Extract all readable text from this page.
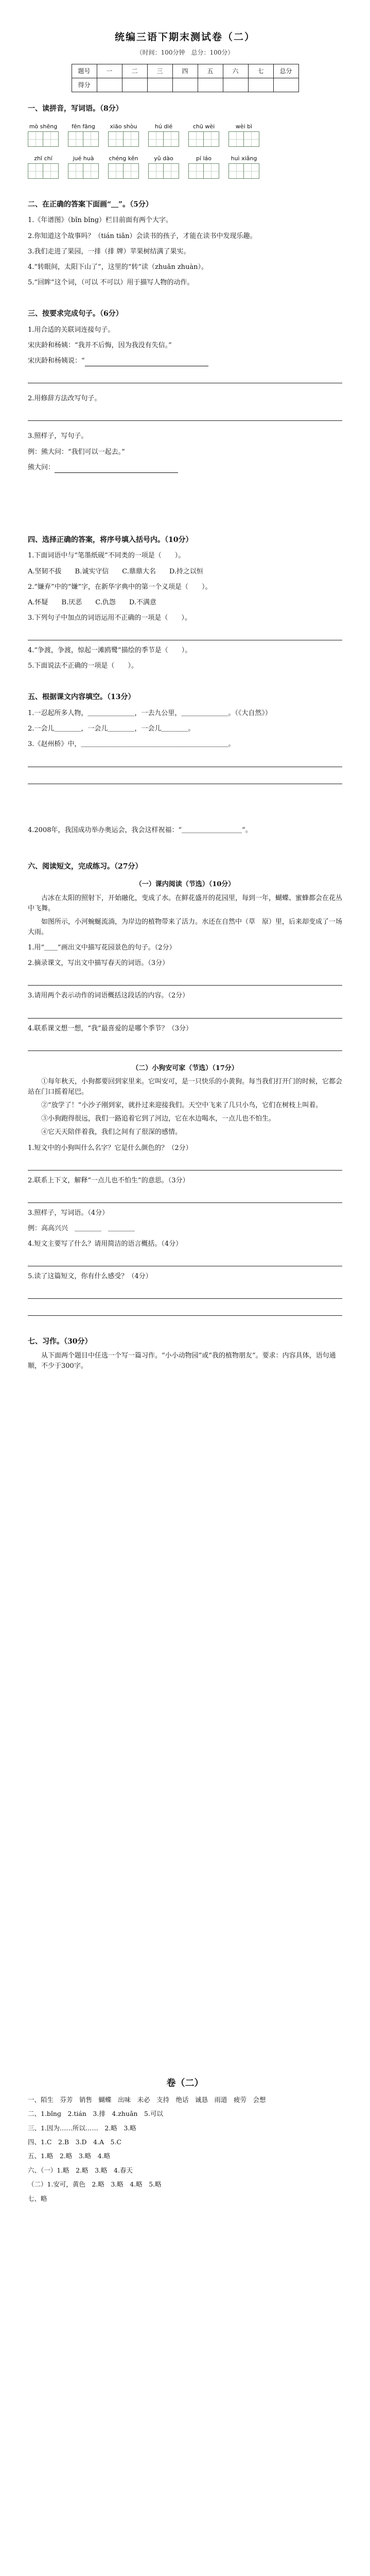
统编三语下期末测试卷（二）
（时间：100分钟　总分：100分）
题号	一	二	三	四	五	六	七	总分
得分								
一、读拼音，写词语。（8分）
mò shēng	fēn fāng	xiāo shòu	hú dié	chū wèi	wèi bì
zhī chí	jué huà	chéng kěn	yǔ dào	pí láo	huì xiǎng
二、在正确的答案下面画“＿”。（5分）
1.《年谱图》（bǐn bǐnɡ）栏目前面有两个大字。
2.你知道这个故事吗？（tián tiǎn）会读书的孩子，才能在读书中发现乐趣。
3.我们走进了果园，一排（排 牌）苹果树结满了果实。
4.“转眼间，太阳下山了”，这里的“转”读（zhuǎn zhuàn）。
5.“回眸”这个词，（可以 不可以）用于描写人物的动作。
三、按要求完成句子。（6分）
1.用合适的关联词连接句子。
宋庆龄和杨姨：“我并不后悔，因为我没有失信。”
宋庆龄和杨姨说：“
2.用修辞方法改写句子。
3.照样子，写句子。
例：熊大问：“我们可以一起去。”
熊大问：
四、选择正确的答案，将序号填入括号内。（10分）
1.下面词语中与“笔墨纸砚”不同类的一项是（　　）。
A.坚韧不拔　　B.诚实守信　　C.鼎鼎大名　　D.持之以恒
2.“嫌弃”中的“嫌”字，在新华字典中的第一个义项是（　　）。
A.怀疑　　B.厌恶　　C.仇怨　　D.不满意
3.下列句子中加点的词语运用不正确的一项是（　　）。
4.“争渡，争渡，惊起一滩鸥鹭”描绘的季节是（　　）。
5.下面说法不正确的一项是（　　）。
五、根据课文内容填空。（13分）
1.一忍起所多人物，＿＿＿＿＿＿＿，一去九公里，＿＿＿＿＿＿＿。（《大自然》）
2.一会儿＿＿＿＿，一会儿＿＿＿＿，一会儿＿＿＿＿。
3.《赵州桥》中，＿＿＿＿＿＿＿＿＿＿＿＿＿＿＿＿＿＿＿＿＿＿。
4.2008年，我国成功举办奥运会，我会这样祝福：“＿＿＿＿＿＿＿＿＿”。
六、阅读短文，完成练习。（27分）
（一）课内阅读（节选）（10分）
古冰在太阳的照射下，开始融化，变成了水。在鲜花盛开的花园里，每到一年，蝴蝶、蜜蜂都会在花丛中飞舞。
如图所示，小河蜿蜒流淌，为岸边的植物带来了活力。水还在自然中（草　原）里，后来却变成了一场大雨。
1.用“＿＿”画出文中描写花园景色的句子。（2分）
2.摘录课文，写出文中描写春天的词语。（3分）
3.请用两个表示动作的词语概括这段话的内容。（2分）
4.联系课文想一想，“我”最喜爱的是哪个季节？（3分）
（二）小狗安可家（节选）（17分）
①每年秋天，小狗都要回到家里来。它叫安可，是一只快乐的小黄狗。每当我们打开门的时候，它都会站在门口摇着尾巴。
②“放学了！”小沙子刚到家，就扑过来迎接我们。天空中飞来了几只小鸟，它们在树枝上叫着。
③小狗跑得很远，我们一路追着它到了河边，它在水边喝水，一点儿也不怕生。
④它天天陪伴着我，我们之间有了很深的感情。
1.短文中的小狗叫什么名字？它是什么颜色的？（2分）
2.联系上下文，解释“一点儿也不怕生”的意思。（3分）
3.照样子，写词语。（4分）
例：高高兴兴　＿＿＿＿　＿＿＿＿
4.短文主要写了什么？请用简洁的语言概括。（4分）
5.读了这篇短文，你有什么感受？（4分）
七、习作。（30分）
从下面两个题目中任选一个写一篇习作。“小小动物园”或“我的植物朋友”。要求：内容具体，语句通顺，不少于300字。
卷（二）
一、陌生　芬芳　销售　蝴蝶　出味　未必　支持　绝话　诚恳　雨道　疲劳　会想
二、1.bǐnɡ　2.tián　3.排　4.zhuǎn　5.可以
三、1.因为……所以……　2.略　3.略
四、1.C　2.B　3.D　4.A　5.C
五、1.略　2.略　3.略　4.略
六、（一）1.略　2.略　3.略　4.春天
（二）1.安可，黄色　2.略　3.略　4.略　5.略
七、略
